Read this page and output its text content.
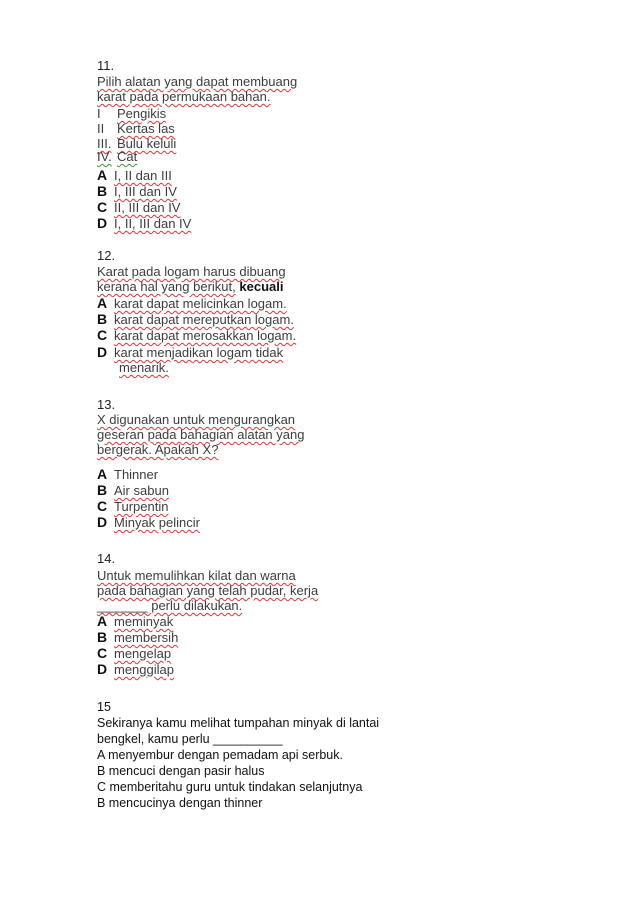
11.
Pilih alatan yang dapat membuang
karat pada permukaan bahan.
I Pengikis
II Kertas las
III. Bulu keluli
IV. Cat
A I, II dan III
B I, III dan IV
C II, III dan IV
D I, II, III dan IV
12.
Karat pada logam harus dibuang
kerana hal yang berikut, kecuali
A karat dapat melicinkan logam.
B karat dapat mereputkan logam.
C karat dapat merosakkan logam.
D karat menjadikan logam tidak
menarik.
13.
X digunakan untuk mengurangkan
geseran pada bahagian alatan yang
bergerak. Apakah X?
A Thinner
B Air sabun
C Turpentin
D Minyak pelincir
14.
Untuk memulihkan kilat dan warna
pada bahagian yang telah pudar, kerja
_______ perlu dilakukan.
A meminyak
B membersih
C mengelap
D menggilap
15
Sekiranya kamu melihat tumpahan minyak di lantai
bengkel, kamu perlu __________
A menyembur dengan pemadam api serbuk.
B mencuci dengan pasir halus
C memberitahu guru untuk tindakan selanjutnya
B mencucinya dengan thinner
